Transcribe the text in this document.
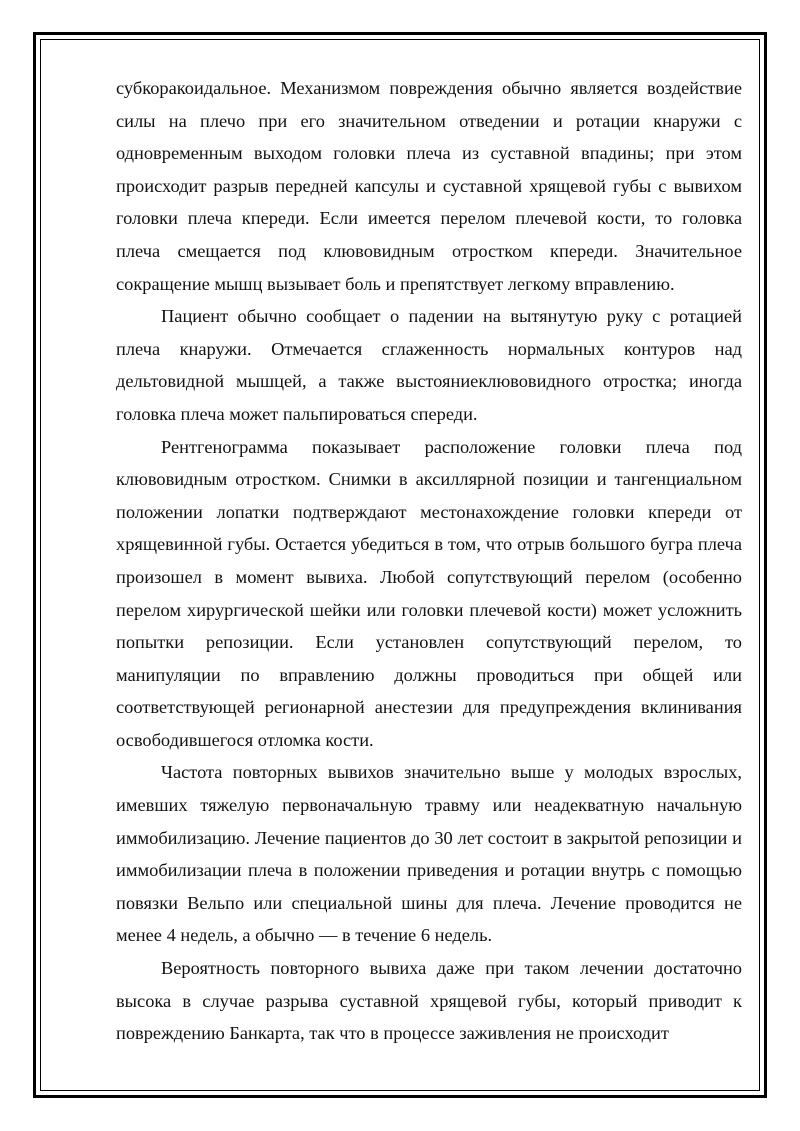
субкоракоидальное. Механизмом повреждения обычно является воздействие силы на плечо при его значительном отведении и ротации кнаружи с одновременным выходом головки плеча из суставной впадины; при этом происходит разрыв передней капсулы и суставной хрящевой губы с вывихом головки плеча кпереди. Если имеется перелом плечевой кости, то головка плеча смещается под клювовидным отростком кпереди. Значительное сокращение мышц вызывает боль и препятствует легкому вправлению.

Пациент обычно сообщает о падении на вытянутую руку с ротацией плеча кнаружи. Отмечается сглаженность нормальных контуров над дельтовидной мышцей, а также выстояниеклювовидного отростка; иногда головка плеча может пальпироваться спереди.

Рентгенограмма показывает расположение головки плеча под клювовидным отростком. Снимки в аксиллярной позиции и тангенциальном положении лопатки подтверждают местонахождение головки кпереди от хрящевинной губы. Остается убедиться в том, что отрыв большого бугра плеча произошел в момент вывиха. Любой сопутствующий перелом (особенно перелом хирургической шейки или головки плечевой кости) может усложнить попытки репозиции. Если установлен сопутствующий перелом, то манипуляции по вправлению должны проводиться при общей или соответствующей регионарной анестезии для предупреждения вклинивания освободившегося отломка кости.

Частота повторных вывихов значительно выше у молодых взрослых, имевших тяжелую первоначальную травму или неадекватную начальную иммобилизацию. Лечение пациентов до 30 лет состоит в закрытой репозиции и иммобилизации плеча в положении приведения и ротации внутрь с помощью повязки Вельпо или специальной шины для плеча. Лечение проводится не менее 4 недель, а обычно — в течение 6 недель.

Вероятность повторного вывиха даже при таком лечении достаточно высока в случае разрыва суставной хрящевой губы, который приводит к повреждению Банкарта, так что в процессе заживления не происходит
